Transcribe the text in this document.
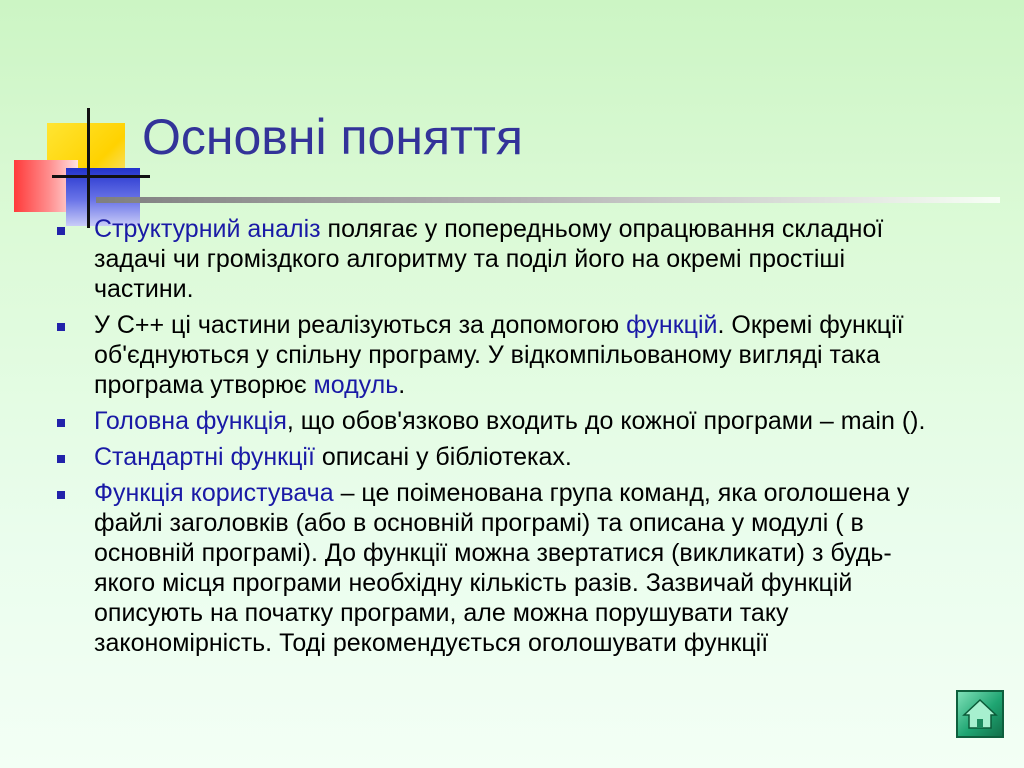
Основні поняття
Структурний аналіз полягає у попередньому опрацювання складної задачі чи громіздкого алгоритму та поділ його на окремі простіші частини.
У С++ ці частини реалізуються за допомогою функцій. Окремі функції об'єднуються у спільну програму. У відкомпільованому вигляді така програма утворює модуль.
Головна функція, що обов'язково входить до кожної програми – main ().
Стандартні функції описані у бібліотеках.
Функція користувача – це поіменована група команд, яка оголошена у файлі заголовків (або в основній програмі) та описана у модулі ( в основній програмі). До функції можна звертатися (викликати) з будь-якого місця програми необхідну кількість разів. Зазвичай функцій описують на початку програми, але можна порушувати таку закономірність. Тоді рекомендується оголошувати функції
